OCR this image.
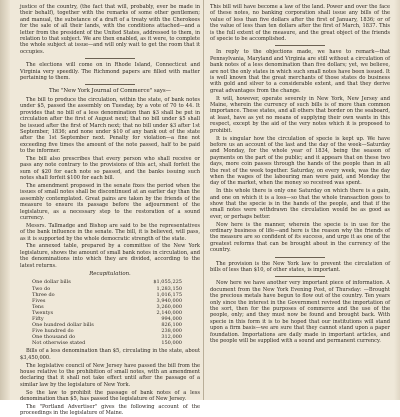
justice of the country, (the fact that will, probably, ever be made in their behalf), together with the remarks of some other gentlemen; and manual, the substance of a draft of a treaty with the Cherokees for the sale of all their lands, with the conditions attached—and a letter from the president of the United States, addressed to them, in relation to that subject. We are then enabled, as it were, to complete the whole subject at issue—and will only wait to get the room that it occupies.

The elections will come on in Rhode Island, Connecticut and Virginia very speedily. The Richmond papers are filled with matter pertaining to them.

The "New York Journal of Commerce" says—

The bill to produce the circulation, within the state, of bank notes under $5, passed the assembly on Tuesday, by a vote of 70 to 44. It provides that no bill of a less denomination than $3 shall be put in circulation after the first of August next; that no bill under $5 shall be issued after the first of March next; that no bill under $3 after 1st September, 1836; and none under $10 of any bank out of the state after the 1st September next. Penalty for violation—a fine not exceeding five times the amount of the note passed, half to be paid to the informer.

The bill also prescribes that every person who shall receive or pass any note contrary to the provisions of this act, shall forfeit the sum of $20 for each note so passed, and the banks issuing such notes shall forfeit $100 for each bill.

The amendment proposed in the senate fixes the period when the issues of small notes shall be discontinued at an earlier day than the assembly contemplated. Great pains are taken by the friends of the measure to ensure its passage before the adjournment of the legislature, as a necessary step to the restoration of a sound currency.

Messrs. Tallmadge and Bishop are said to be the representatives of the bank influence in the senate. The bill, it is believed, will pass, as it is supported by the whole democratic strength of the state.

The annexed table, prepared by a committee of the New York legislature, shows the amount of small bank notes in circulation, and the denominations into which they are divided, according to the latest returns.

Recapitulation.

One dollar bills	$1,055,225
Two do	1,283,150
Three do	1,016,175
Fives	3,940,000
Tens	3,260,000
Twentys	2,140,000
Fifty	994,000
One hundred dollar bills	826,100
Five hundred do	238,000
One thousand do	312,000
Not otherwise stated	150,000

Bills of a less denomination than $5, circulating in the state, about $3,450,000.

The legislative council of New Jersey have passed the bill from the house relative to the prohibition of small notes, with an amendment declaring that it shall not take effect until after the passage of a similar law by the legislature of New York.

So the law to prohibit the passage of bank notes of a less denomination than $5, has passed the legislature of New Jersey.

The "Portland Advertiser" gives the following account of the proceedings in the legislature of Maine.

This bill will have become a law of the land. Power and over the face of these notes, no banking corporation shall issue any bills of the value of less than five dollars after the first of January, 1836; or of the value of less than ten dollars after the first of March, 1837. This is the full extent of the measure, and the great object of the friends of specie to be accomplished.

In reply to the objections made, we have to remark—that Pennsylvania, Maryland and Virginia are still without a circulation of bank notes of a less denomination than five dollars; yet, we believe, are not the only states in which such small notes have been issued. It is well known that the great merchants of those states do business with gold and silver to a considerable extent, and that they derive great advantages from the change.

It will, however, operate severely in New York, New Jersey and Maine, wherein the currency of such bills is of more than common importance. These states, and all others that border on the seaboard, at least, have as yet no means of supplying their own wants in this respect, except by the aid of the very notes which it is proposed to prohibit.

It is singular how the circulation of specie is kept up. We have before us an account of the last and the day of the week—Saturday and Monday, for the whole year of 1834, being the season of payments on the part of the public; and it appears that on these two days, more coin passes through the hands of the people than in all the rest of the week together. Saturday, on every week, was the day when the wages of the labouring man were paid, and Monday the day of the market, when the money so received was spent.

In this whole there is only one Saturday on which there is a gain, and one on which it is a loss—so that the whole transaction goes to show that the specie is in the hands of the people, and that if the small notes were withdrawn the circulation would be as good as ever, or perhaps better.

Now here is the manner, wherein the specie is in use for the ordinary business of life—and here is the reason why the friends of the measure are so confident of its success, and urge it as one of the greatest reforms that can be brought about in the currency of the country.

The provision is the New York law to prevent the circulation of bills of less than $10, of other states, is important.

Now here we have another very important piece of information. A document from the New York Evening Post, of Thursday: —Brought the precious metals have begun to flow out of the country. Ten years only since the interest in the Government revived the importation of the sort, then for the purposes of commerce and the use of the people, only; and they must now be found and brought back. With specie in this form it is to be hoped that our institutions will stand upon a firm basis—we are sure that they cannot stand upon a paper foundation. Importations are daily made in important articles, and the people will be supplied with a sound and permanent currency.
